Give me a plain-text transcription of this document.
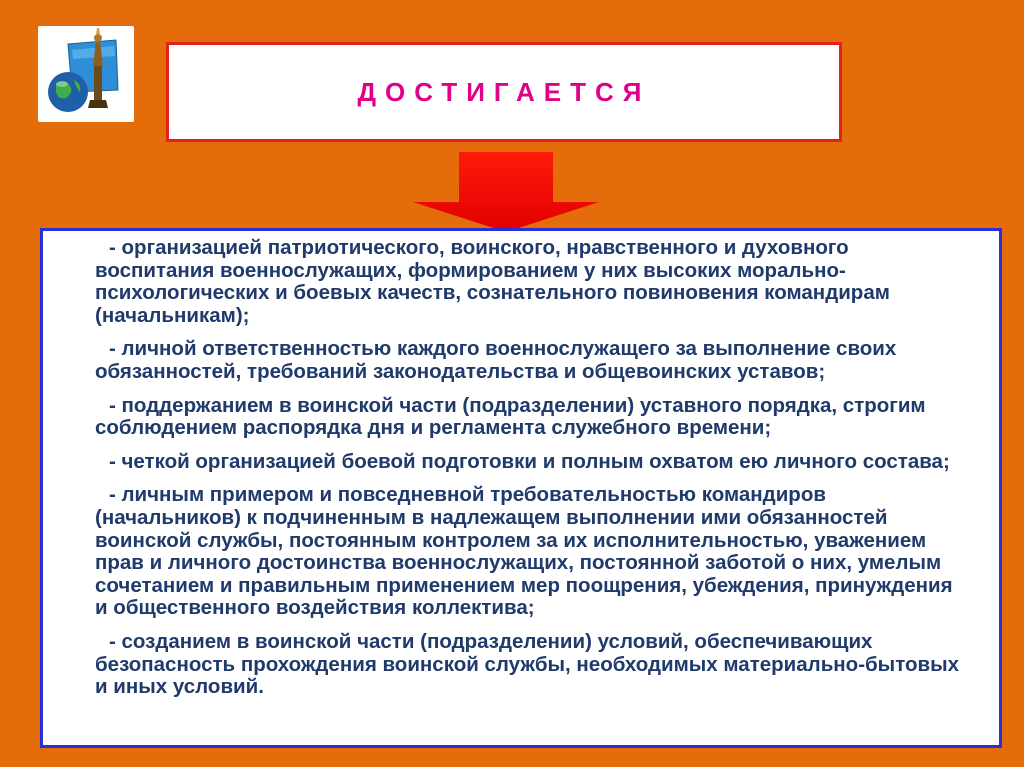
ДОСТИГАЕТСЯ

- организацией патриотического, воинского, нравственного и духовного воспитания военнослужащих, формированием у них высоких морально-психологических и боевых качеств, сознательного повиновения командирам (начальникам);

- личной ответственностью каждого военнослужащего за выполнение своих обязанностей, требований законодательства и общевоинских уставов;

- поддержанием в воинской части (подразделении) уставного порядка, строгим соблюдением распорядка дня и регламента служебного времени;

- четкой организацией боевой подготовки и полным охватом ею личного состава;

- личным примером и повседневной требовательностью командиров (начальников) к подчиненным в надлежащем выполнении ими обязанностей воинской службы, постоянным контролем за их исполнительностью, уважением прав и личного достоинства военнослужащих, постоянной заботой о них, умелым сочетанием и правильным применением мер поощрения, убеждения, принуждения и общественного воздействия коллектива;

- созданием в воинской части (подразделении) условий, обеспечивающих безопасность прохождения воинской службы, необходимых материально-бытовых и иных условий.
